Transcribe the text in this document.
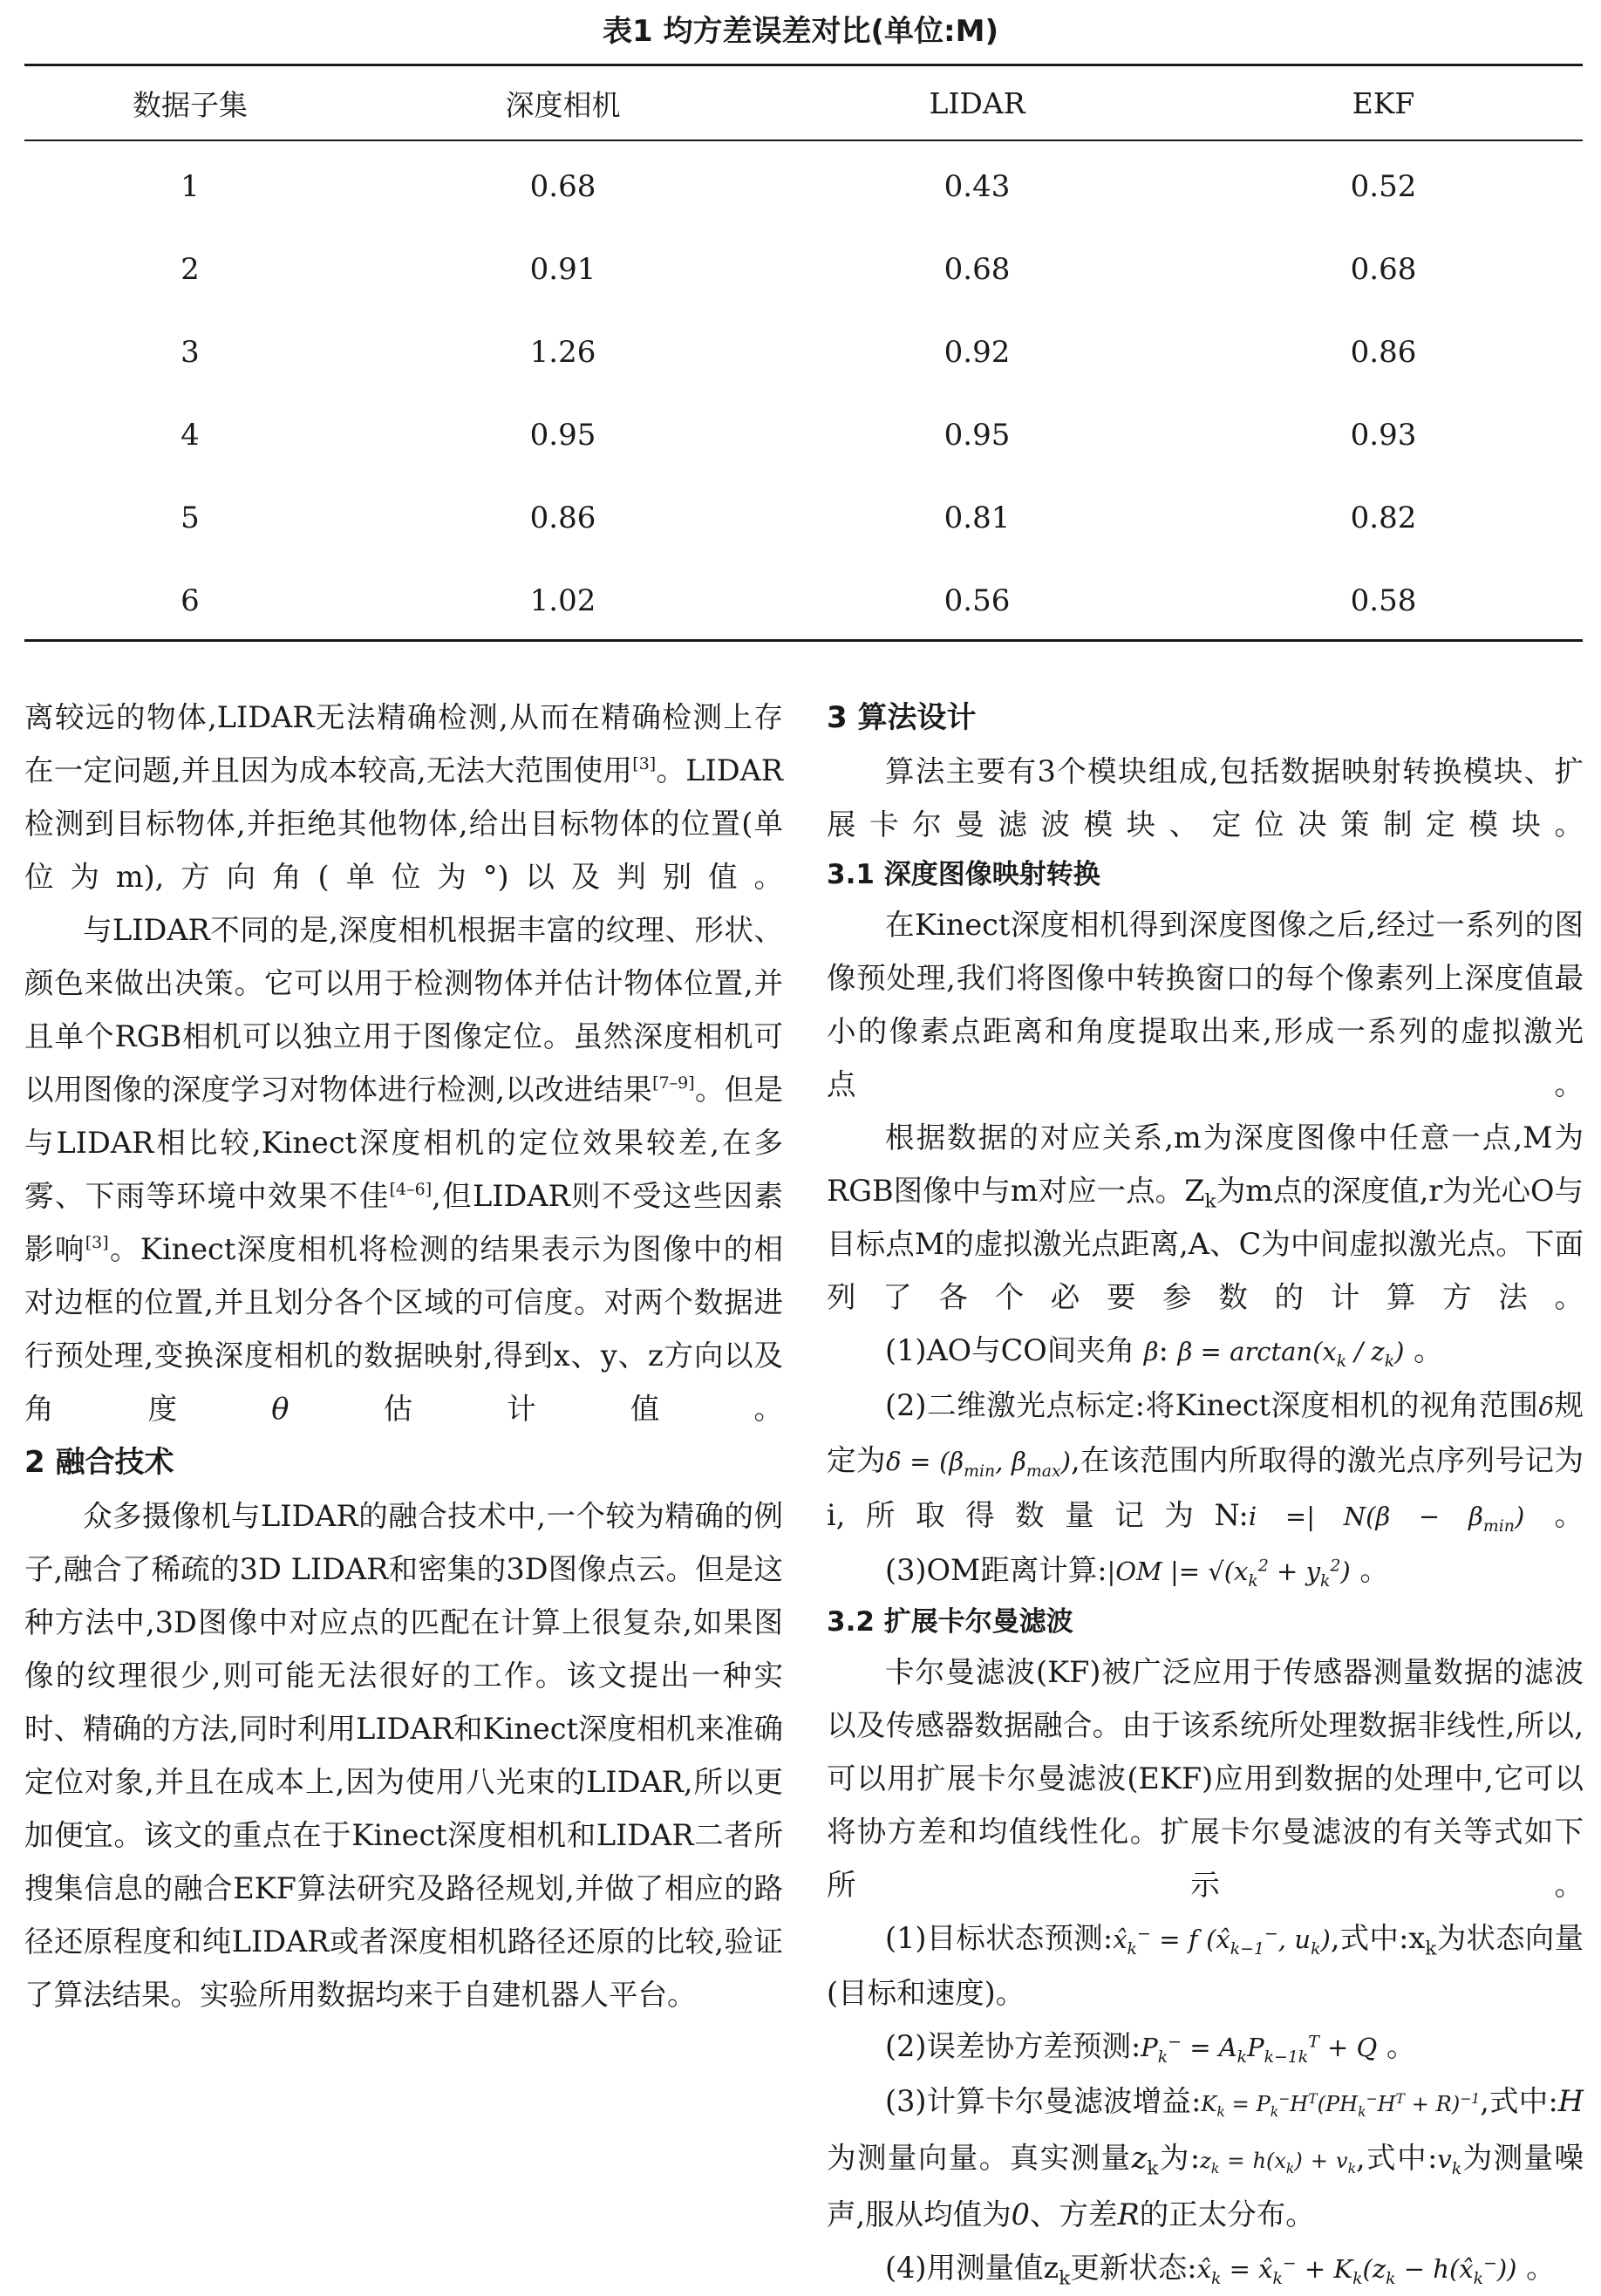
表1 均方差误差对比(单位:M)
数据子集	深度相机	LIDAR	EKF
1	0.68	0.43	0.52
2	0.91	0.68	0.68
3	1.26	0.92	0.86
4	0.95	0.95	0.93
5	0.86	0.81	0.82
6	1.02	0.56	0.58

离较远的物体,LIDAR无法精确检测,从而在精确检测上存在一定问题,并且因为成本较高,无法大范围使用[3]。LIDAR检测到目标物体,并拒绝其他物体,给出目标物体的位置(单位为m),方向角(单位为°)以及判别值。

与LIDAR不同的是,深度相机根据丰富的纹理、形状、颜色来做出决策。它可以用于检测物体并估计物体位置,并且单个RGB相机可以独立用于图像定位。虽然深度相机可以用图像的深度学习对物体进行检测,以改进结果[7–9]。但是与LIDAR相比较,Kinect深度相机的定位效果较差,在多雾、下雨等环境中效果不佳[4–6],但LIDAR则不受这些因素影响[3]。Kinect深度相机将检测的结果表示为图像中的相对边框的位置,并且划分各个区域的可信度。对两个数据进行预处理,变换深度相机的数据映射,得到x、y、z方向以及角度θ估计值。

2 融合技术

众多摄像机与LIDAR的融合技术中,一个较为精确的例子,融合了稀疏的3D LIDAR和密集的3D图像点云。但是这种方法中,3D图像中对应点的匹配在计算上很复杂,如果图像的纹理很少,则可能无法很好的工作。该文提出一种实时、精确的方法,同时利用LIDAR和Kinect深度相机来准确定位对象,并且在成本上,因为使用八光束的LIDAR,所以更加便宜。该文的重点在于Kinect深度相机和LIDAR二者所搜集信息的融合EKF算法研究及路径规划,并做了相应的路径还原程度和纯LIDAR或者深度相机路径还原的比较,验证了算法结果。实验所用数据均来于自建机器人平台。

3 算法设计

算法主要有3个模块组成,包括数据映射转换模块、扩展卡尔曼滤波模块、定位决策制定模块。

3.1 深度图像映射转换

在Kinect深度相机得到深度图像之后,经过一系列的图像预处理,我们将图像中转换窗口的每个像素列上深度值最小的像素点距离和角度提取出来,形成一系列的虚拟激光点。

根据数据的对应关系,m为深度图像中任意一点,M为RGB图像中与m对应一点。$Z_k$为m点的深度值,r为光心O与目标点M的虚拟激光点距离,A、C为中间虚拟激光点。下面列了各个必要参数的计算方法。

(1)AO与CO间夹角 β: $\beta = \arctan(x_k / z_k)$ 。

(2)二维激光点标定:将Kinect深度相机的视角范围δ规定为$\delta = (\beta_{min}$, $\beta_{max}$),在该范围内所取得的激光点序列号记为i,所取得数量记为N:i =| $N(\beta - \beta_{min})$ 。

(3)OM距离计算:|OM |= $√(x_k^2 + y_k^2)$ 。

3.2 扩展卡尔曼滤波

卡尔曼滤波(KF)被广泛应用于传感器测量数据的滤波以及传感器数据融合。由于该系统所处理数据非线性,所以,可以用扩展卡尔曼滤波(EKF)应用到数据的处理中,它可以将协方差和均值线性化。扩展卡尔曼滤波的有关等式如下所示。

(1)目标状态预测$:x̂_k^- = f$ ($x̂_{k-1}^-$, $u_k$),式中$:x_k$为状态向量(目标和速度)。

(2)误差协方差预测$:P_k^- = A_kP_{k-1k}^T + Q$ 。

(3)计算卡尔曼滤波增益$:K_k = P_k^-H^T(PH_k^-H^T + R)^{-1}$,式中:H为测量向量。真实测量$z_k$为$:z_k = h(x_k) + v_k$,式中$:v_k$为测量噪声,服从均值为0、方差R的正太分布。

(4)用测量值$z_k$更新状态$:x̂_k$ = $x̂_k^- + K_k(z_k$ − $h(x̂_k^-)$) 。
